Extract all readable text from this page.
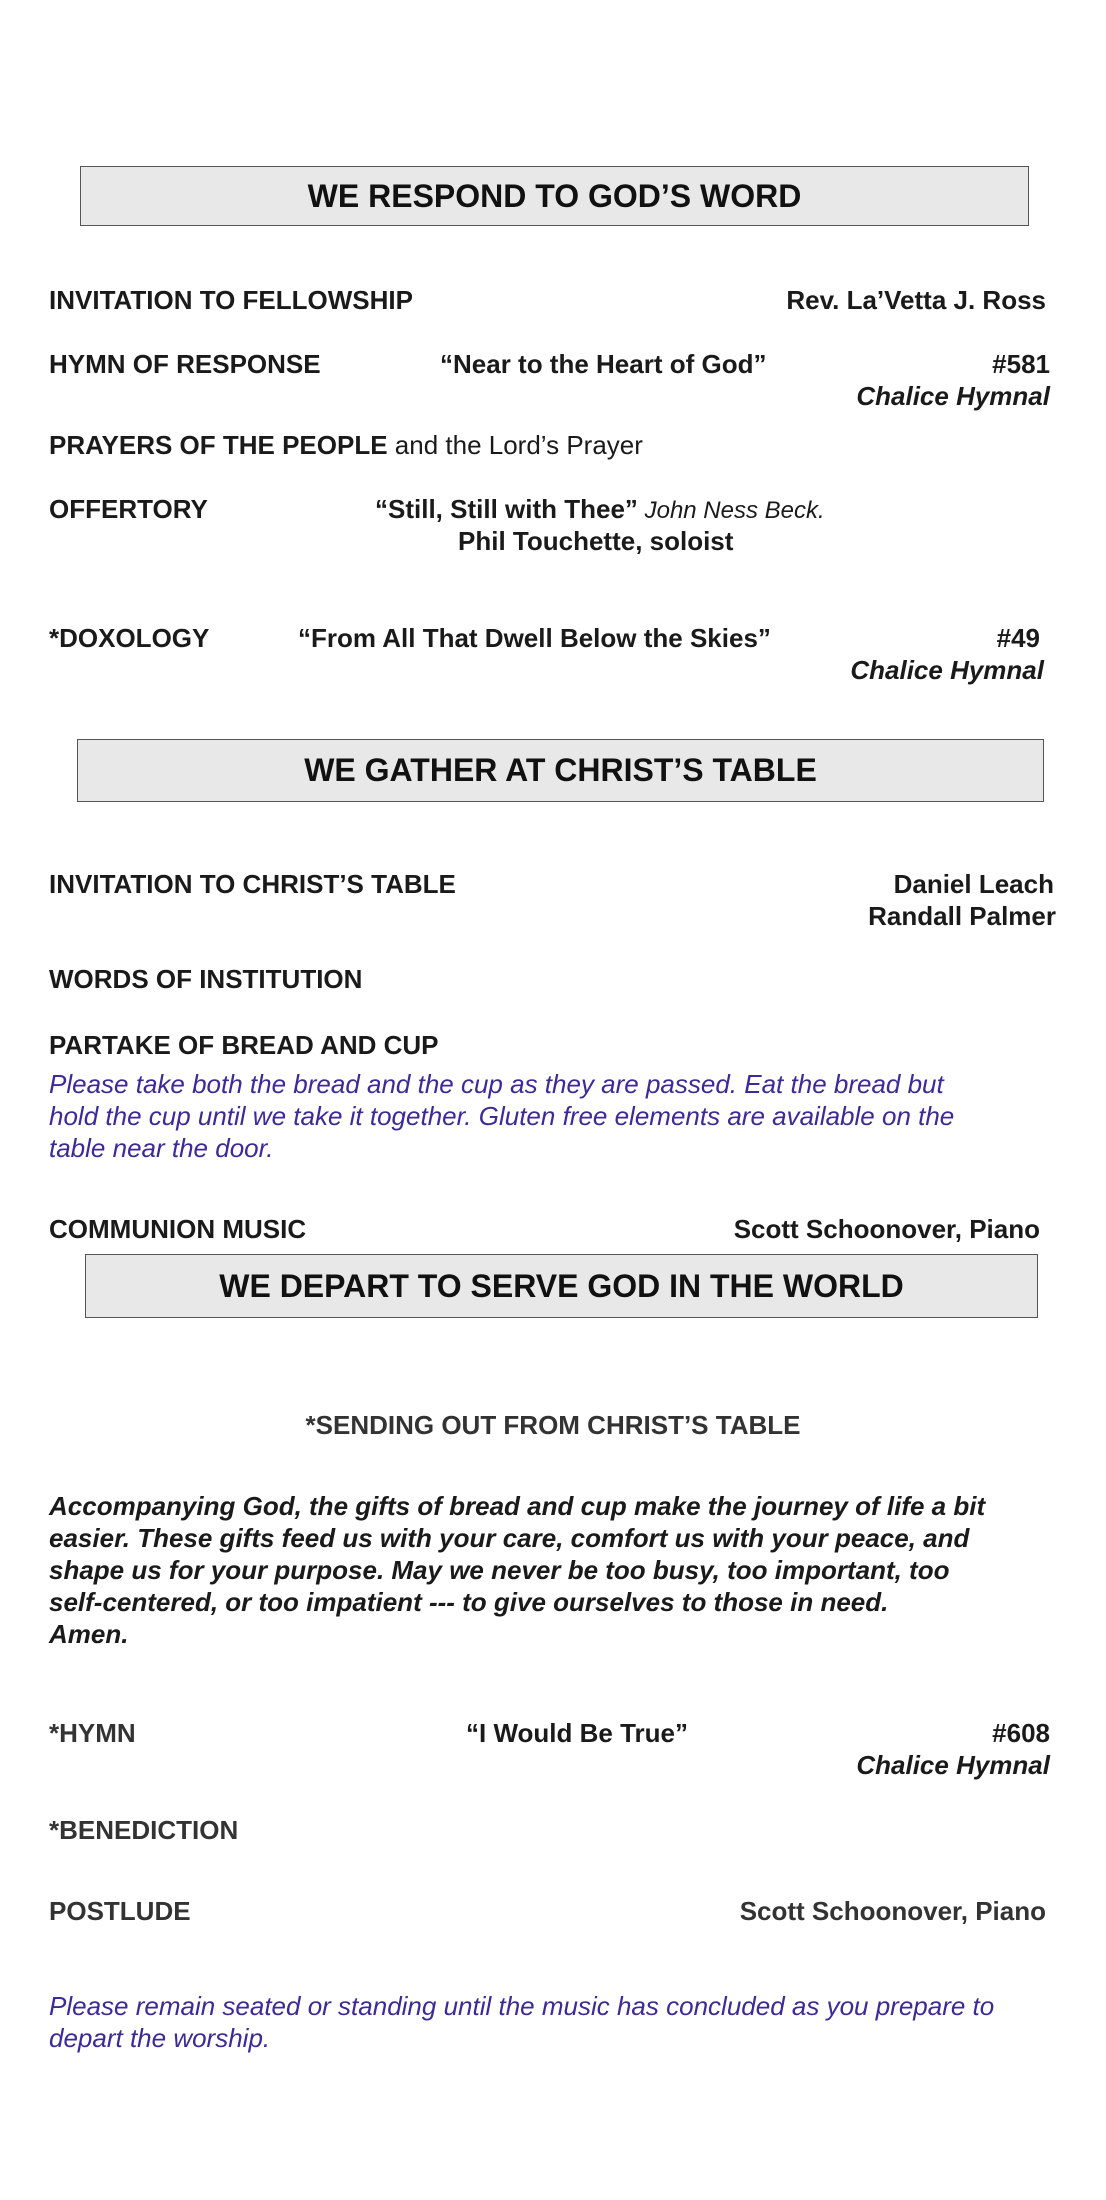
WE RESPOND TO GOD’S WORD
INVITATION TO FELLOWSHIP	Rev. La’Vetta J. Ross
HYMN OF RESPONSE	“Near to the Heart of God”	#581
Chalice Hymnal
PRAYERS OF THE PEOPLE and the Lord’s Prayer
OFFERTORY	“Still, Still with Thee” John Ness Beck.
Phil Touchette, soloist
*DOXOLOGY	“From All That Dwell Below the Skies”	#49
Chalice Hymnal
WE GATHER AT CHRIST’S TABLE
INVITATION TO CHRIST’S TABLE	Daniel Leach
Randall Palmer
WORDS OF INSTITUTION
PARTAKE OF BREAD AND CUP
Please take both the bread and the cup as they are passed. Eat the bread but
hold the cup until we take it together. Gluten free elements are available on the
table near the door.
COMMUNION MUSIC	Scott Schoonover, Piano
WE DEPART TO SERVE GOD IN THE WORLD
*SENDING OUT FROM CHRIST’S TABLE
Accompanying God, the gifts of bread and cup make the journey of life a bit
easier. These gifts feed us with your care, comfort us with your peace, and
shape us for your purpose. May we never be too busy, too important, too
self-centered, or too impatient --- to give ourselves to those in need.
Amen.
*HYMN	“I Would Be True”	#608
Chalice Hymnal
*BENEDICTION
POSTLUDE	Scott Schoonover, Piano
Please remain seated or standing until the music has concluded as you prepare to
depart the worship.
